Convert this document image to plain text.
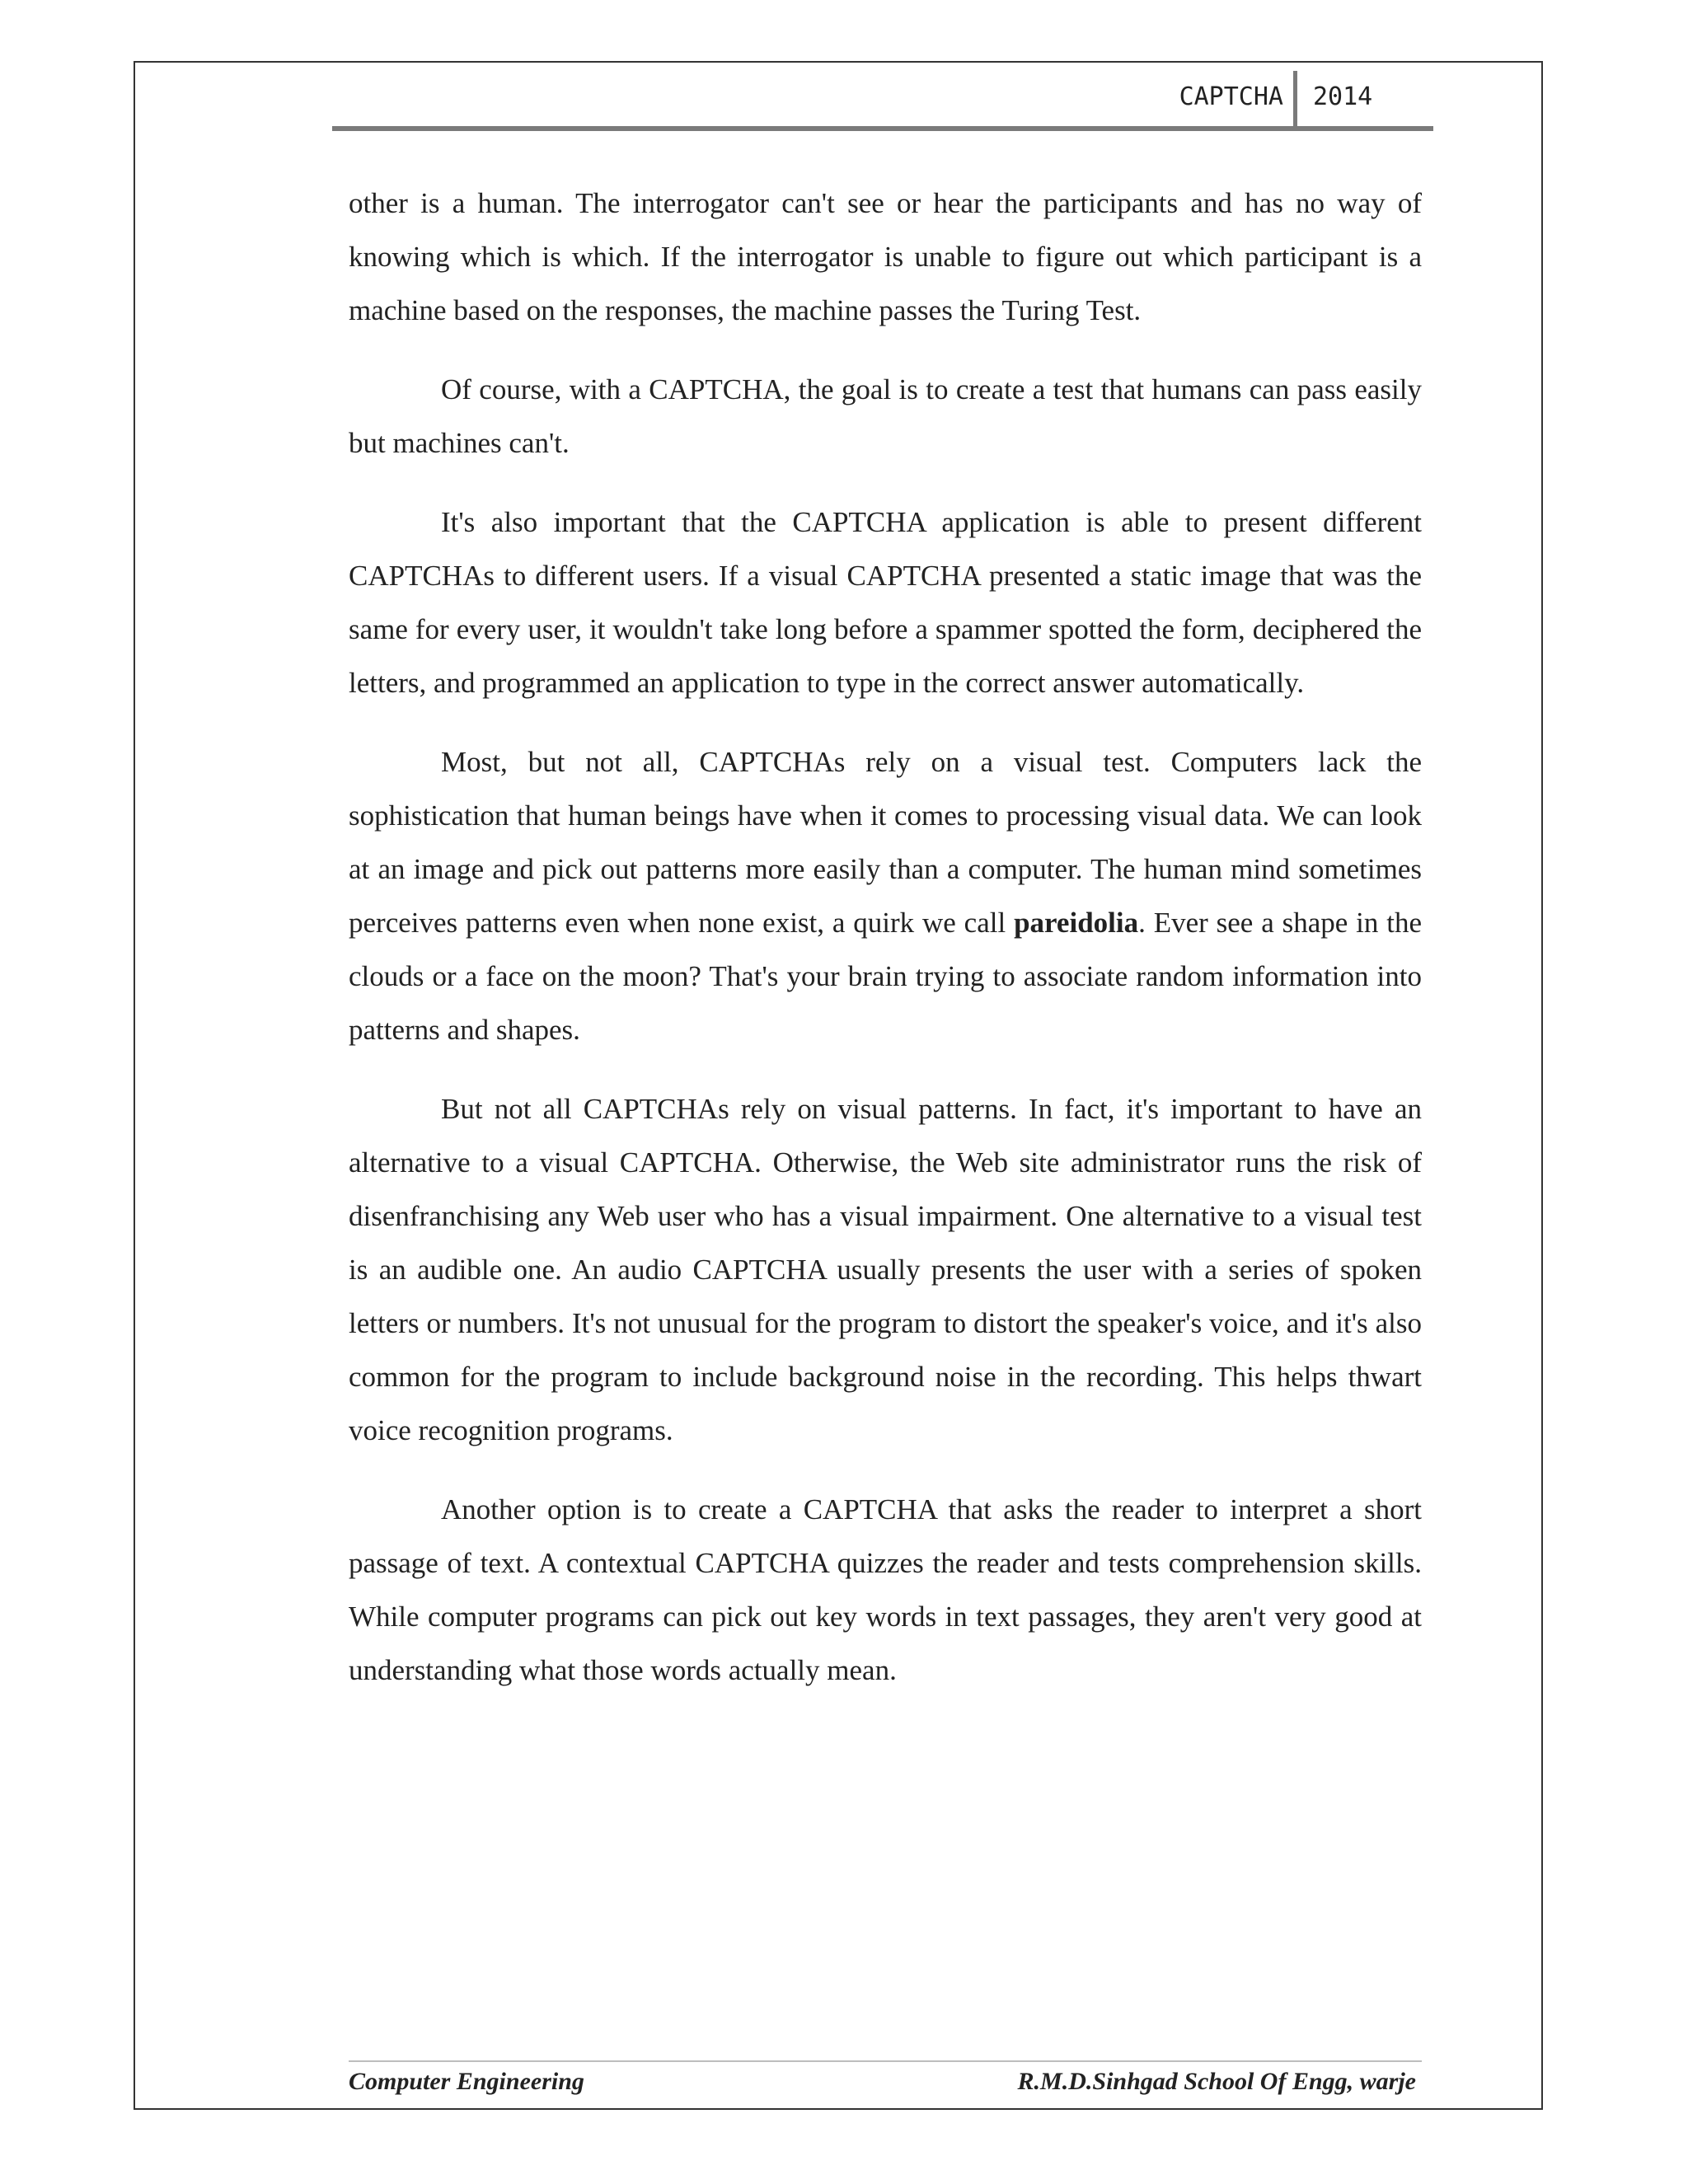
CAPTCHA 2014

other is a human. The interrogator can't see or hear the participants and has no way of knowing which is which. If the interrogator is unable to figure out which participant is a machine based on the responses, the machine passes the Turing Test.

Of course, with a CAPTCHA, the goal is to create a test that humans can pass easily but machines can't.

It's also important that the CAPTCHA application is able to present different CAPTCHAs to different users. If a visual CAPTCHA presented a static image that was the same for every user, it wouldn't take long before a spammer spotted the form, deciphered the letters, and programmed an application to type in the correct answer automatically.

Most, but not all, CAPTCHAs rely on a visual test. Computers lack the sophistication that human beings have when it comes to processing visual data. We can look at an image and pick out patterns more easily than a computer. The human mind sometimes perceives patterns even when none exist, a quirk we call pareidolia. Ever see a shape in the clouds or a face on the moon? That's your brain trying to associate random information into patterns and shapes.

But not all CAPTCHAs rely on visual patterns. In fact, it's important to have an alternative to a visual CAPTCHA. Otherwise, the Web site administrator runs the risk of disenfranchising any Web user who has a visual impairment. One alternative to a visual test is an audible one. An audio CAPTCHA usually presents the user with a series of spoken letters or numbers. It's not unusual for the program to distort the speaker's voice, and it's also common for the program to include background noise in the recording. This helps thwart voice recognition programs.

Another option is to create a CAPTCHA that asks the reader to interpret a short passage of text. A contextual CAPTCHA quizzes the reader and tests comprehension skills. While computer programs can pick out key words in text passages, they aren't very good at understanding what those words actually mean.

Computer Engineering	R.M.D.Sinhgad School Of Engg, warje
